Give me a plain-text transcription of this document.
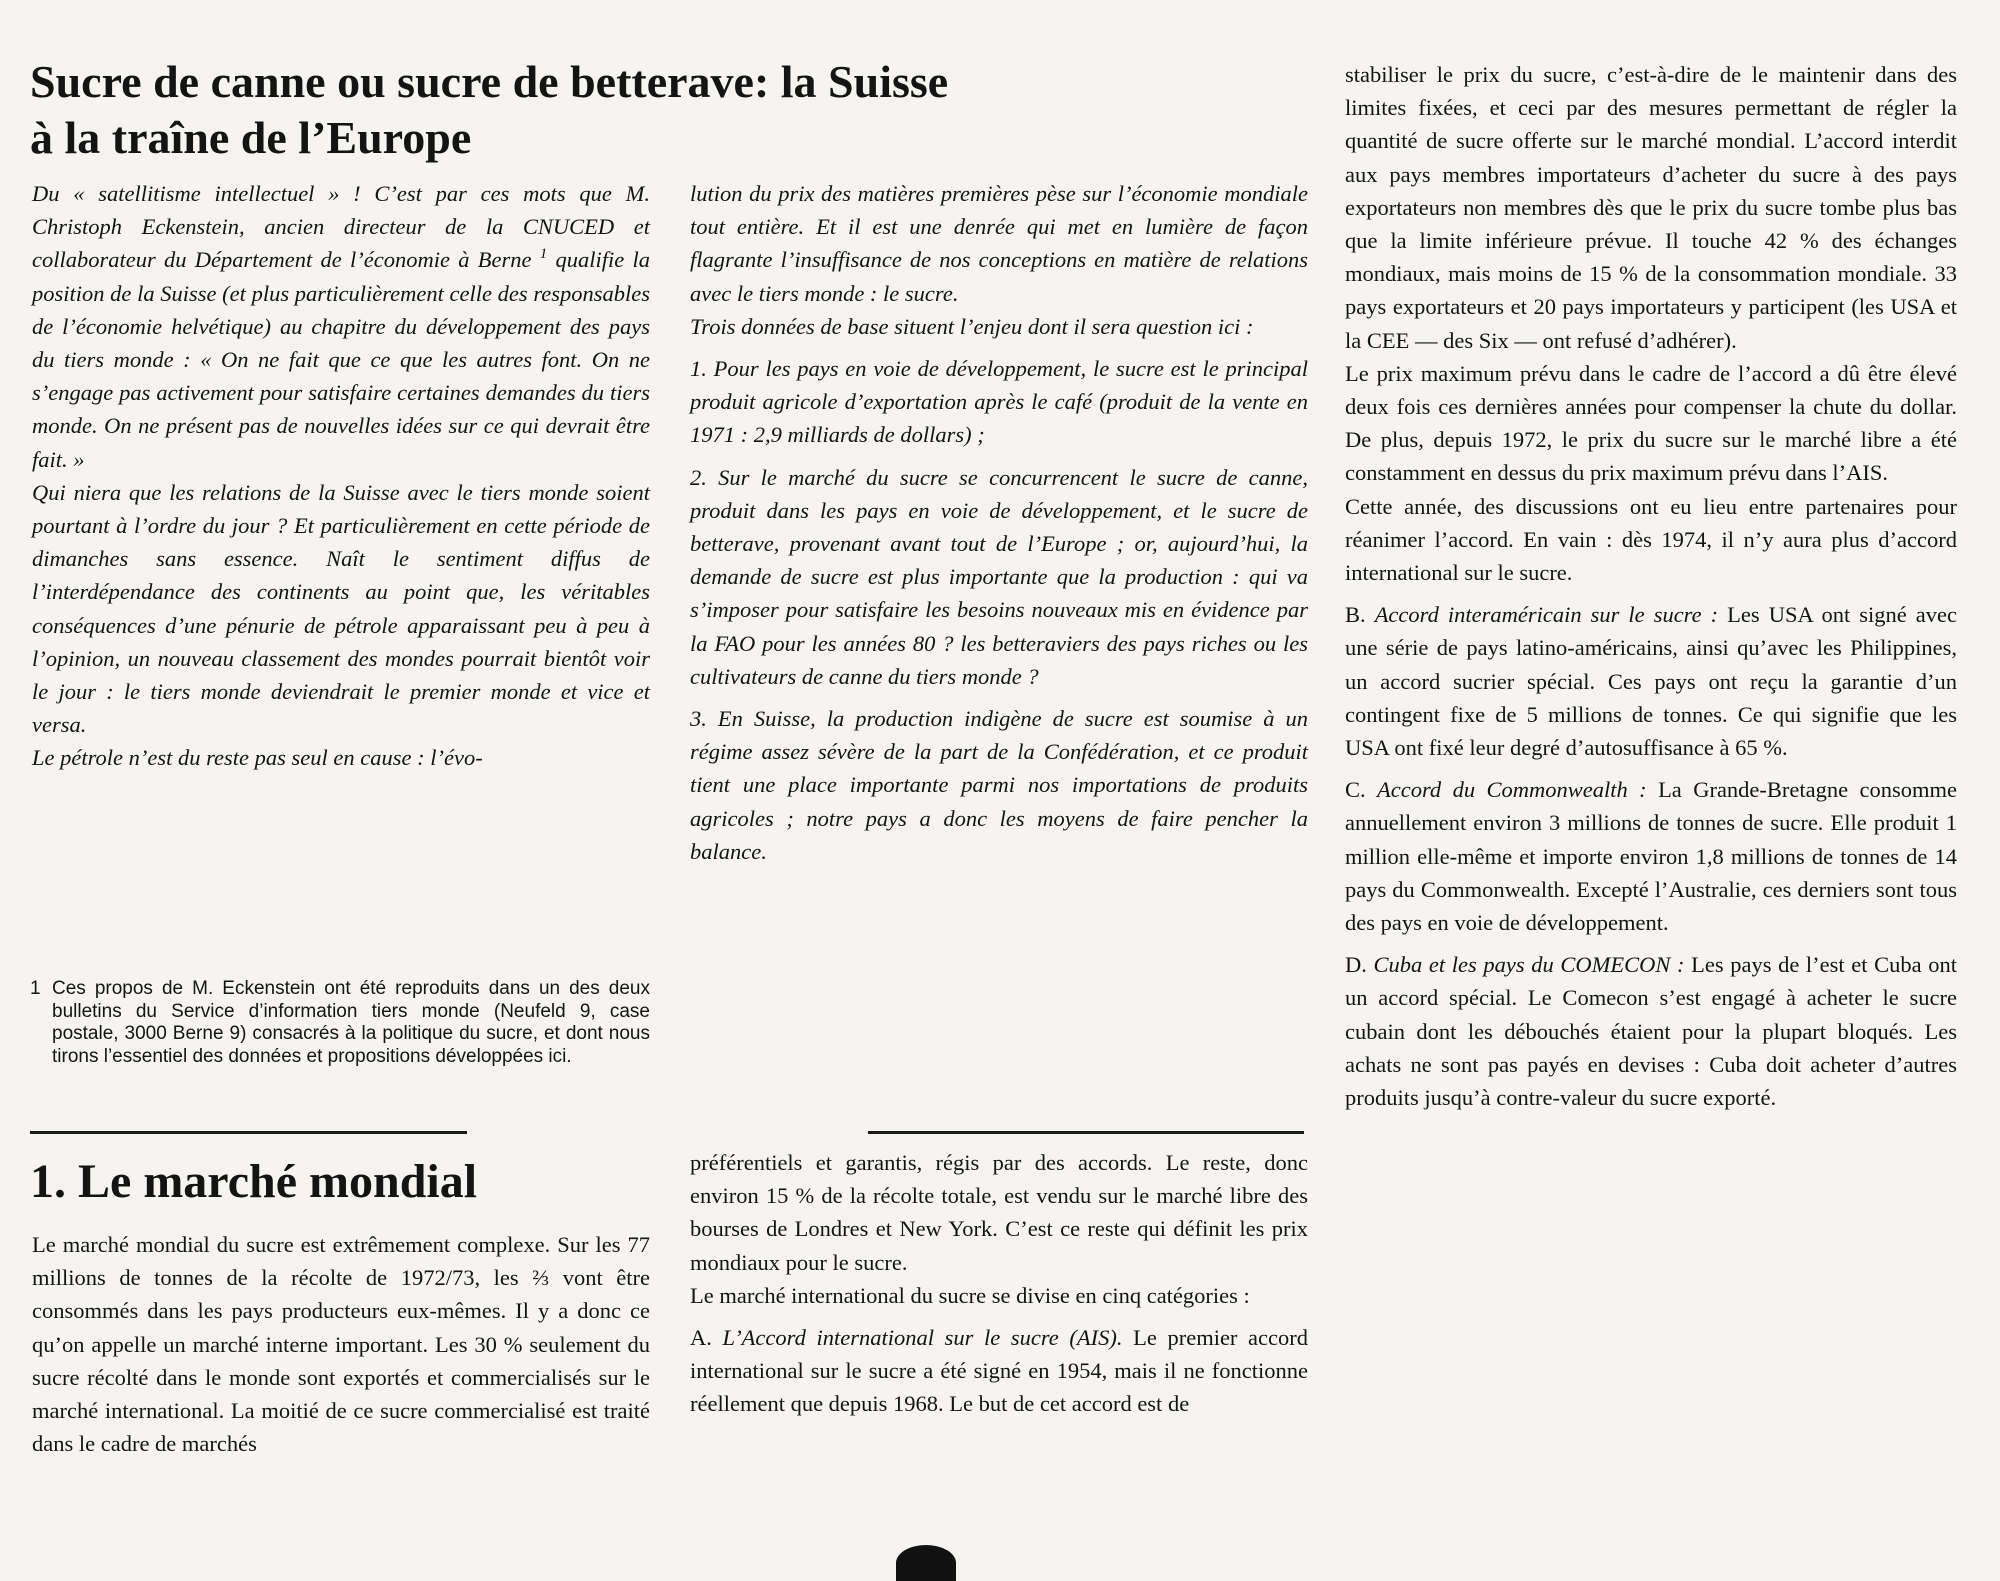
Sucre de canne ou sucre de betterave: la Suisse
à la traîne de l’Europe

Du « satellitisme intellectuel » ! C’est par ces mots que M. Christoph Eckenstein, ancien directeur de la CNUCED et collaborateur du Département de l’économie à Berne $^1$ qualifie la position de la Suisse (et plus particulièrement celle des responsables de l’économie helvétique) au chapitre du développement des pays du tiers monde : « On ne fait que ce que les autres font. On ne s’engage pas activement pour satisfaire certaines demandes du tiers monde. On ne présent pas de nouvelles idées sur ce qui devrait être fait. »

Qui niera que les relations de la Suisse avec le tiers monde soient pourtant à l’ordre du jour ? Et particulièrement en cette période de dimanches sans essence. Naît le sentiment diffus de l’interdépendance des continents au point que, les véritables conséquences d’une pénurie de pétrole apparaissant peu à peu à l’opinion, un nouveau classement des mondes pourrait bientôt voir le jour : le tiers monde deviendrait le premier monde et vice et versa.

Le pétrole n’est du reste pas seul en cause : l’évo-

1 Ces propos de M. Eckenstein ont été reproduits dans un des deux bulletins du Service d’information tiers monde (Neufeld 9, case postale, 3000 Berne 9) consacrés à la politique du sucre, et dont nous tirons l’essentiel des données et propositions développées ici.

lution du prix des matières premières pèse sur l’économie mondiale tout entière. Et il est une denrée qui met en lumière de façon flagrante l’insuffisance de nos conceptions en matière de relations avec le tiers monde : le sucre.

Trois données de base situent l’enjeu dont il sera question ici :

1. Pour les pays en voie de développement, le sucre est le principal produit agricole d’exportation après le café (produit de la vente en 1971 : 2,9 milliards de dollars) ;

2. Sur le marché du sucre se concurrencent le sucre de canne, produit dans les pays en voie de développement, et le sucre de betterave, provenant avant tout de l’Europe ; or, aujourd’hui, la demande de sucre est plus importante que la production : qui va s’imposer pour satisfaire les besoins nouveaux mis en évidence par la FAO pour les années 80 ? les betteraviers des pays riches ou les cultivateurs de canne du tiers monde ?

3. En Suisse, la production indigène de sucre est soumise à un régime assez sévère de la part de la Confédération, et ce produit tient une place importante parmi nos importations de produits agricoles ; notre pays a donc les moyens de faire pencher la balance.

stabiliser le prix du sucre, c’est-à-dire de le maintenir dans des limites fixées, et ceci par des mesures permettant de régler la quantité de sucre offerte sur le marché mondial. L’accord interdit aux pays membres importateurs d’acheter du sucre à des pays exportateurs non membres dès que le prix du sucre tombe plus bas que la limite inférieure prévue. Il touche 42 % des échanges mondiaux, mais moins de 15 % de la consommation mondiale. 33 pays exportateurs et 20 pays importateurs y participent (les USA et la CEE — des Six — ont refusé d’adhérer).

Le prix maximum prévu dans le cadre de l’accord a dû être élevé deux fois ces dernières années pour compenser la chute du dollar. De plus, depuis 1972, le prix du sucre sur le marché libre a été constamment en dessus du prix maximum prévu dans l’AIS.

Cette année, des discussions ont eu lieu entre partenaires pour réanimer l’accord. En vain : dès 1974, il n’y aura plus d’accord international sur le sucre.

B. Accord interaméricain sur le sucre : Les USA ont signé avec une série de pays latino-américains, ainsi qu’avec les Philippines, un accord sucrier spécial. Ces pays ont reçu la garantie d’un contingent fixe de 5 millions de tonnes. Ce qui signifie que les USA ont fixé leur degré d’autosuffisance à 65 %.

C. Accord du Commonwealth : La Grande-Bretagne consomme annuellement environ 3 millions de tonnes de sucre. Elle produit 1 million elle-même et importe environ 1,8 millions de tonnes de 14 pays du Commonwealth. Excepté l’Australie, ces derniers sont tous des pays en voie de développement.

D. Cuba et les pays du COMECON : Les pays de l’est et Cuba ont un accord spécial. Le Comecon s’est engagé à acheter le sucre cubain dont les débouchés étaient pour la plupart bloqués. Les achats ne sont pas payés en devises : Cuba doit acheter d’autres produits jusqu’à contre-valeur du sucre exporté.

1. Le marché mondial

Le marché mondial du sucre est extrêmement complexe. Sur les 77 millions de tonnes de la récolte de 1972/73, les ⅔ vont être consommés dans les pays producteurs eux-mêmes. Il y a donc ce qu’on appelle un marché interne important. Les 30 % seulement du sucre récolté dans le monde sont exportés et commercialisés sur le marché international. La moitié de ce sucre commercialisé est traité dans le cadre de marchés

préférentiels et garantis, régis par des accords. Le reste, donc environ 15 % de la récolte totale, est vendu sur le marché libre des bourses de Londres et New York. C’est ce reste qui définit les prix mondiaux pour le sucre.

Le marché international du sucre se divise en cinq catégories :

A. L’Accord international sur le sucre (AIS). Le premier accord international sur le sucre a été signé en 1954, mais il ne fonctionne réellement que depuis 1968. Le but de cet accord est de
